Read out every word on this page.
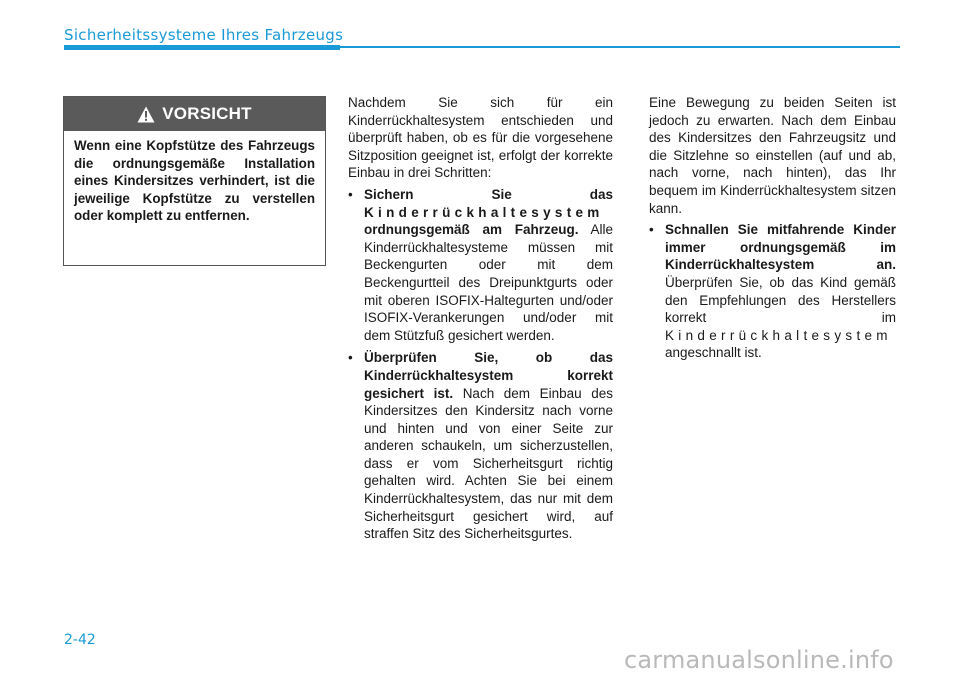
Sicherheitssysteme Ihres Fahrzeugs
VORSICHT
Wenn eine Kopfstütze des Fahrzeugs die ordnungsgemäße Installation eines Kindersitzes verhindert, ist die jeweilige Kopfstütze zu verstellen oder komplett zu entfernen.

Nachdem Sie sich für ein Kinderrückhaltesystem entschieden und überprüft haben, ob es für die vorgesehene Sitzposition geeignet ist, erfolgt der korrekte Einbau in drei Schritten:

• Sichern Sie das Kinderrückhaltesystem ordnungsgemäß am Fahrzeug. Alle Kinderrückhaltesysteme müssen mit Beckengurten oder mit dem Beckengurtteil des Dreipunktgurts oder mit oberen ISOFIX-Haltegurten und/oder ISOFIX-Verankerungen und/oder mit dem Stützfuß gesichert werden.
• Überprüfen Sie, ob das Kinderrückhaltesystem korrekt gesichert ist. Nach dem Einbau des Kindersitzes den Kindersitz nach vorne und hinten und von einer Seite zur anderen schaukeln, um sicherzustellen, dass er vom Sicherheitsgurt richtig gehalten wird. Achten Sie bei einem Kinderrückhaltesystem, das nur mit dem Sicherheitsgurt gesichert wird, auf straffen Sitz des Sicherheitsgurtes.

Eine Bewegung zu beiden Seiten ist jedoch zu erwarten. Nach dem Einbau des Kindersitzes den Fahrzeugsitz und die Sitzlehne so einstellen (auf und ab, nach vorne, nach hinten), das Ihr bequem im Kinderrückhaltesystem sitzen kann.

• Schnallen Sie mitfahrende Kinder immer ordnungsgemäß im Kinderrückhaltesystem an. Überprüfen Sie, ob das Kind gemäß den Empfehlungen des Herstellers korrekt im Kinderrückhaltesystem angeschnallt ist.
2-42
carmanualsonline.info
